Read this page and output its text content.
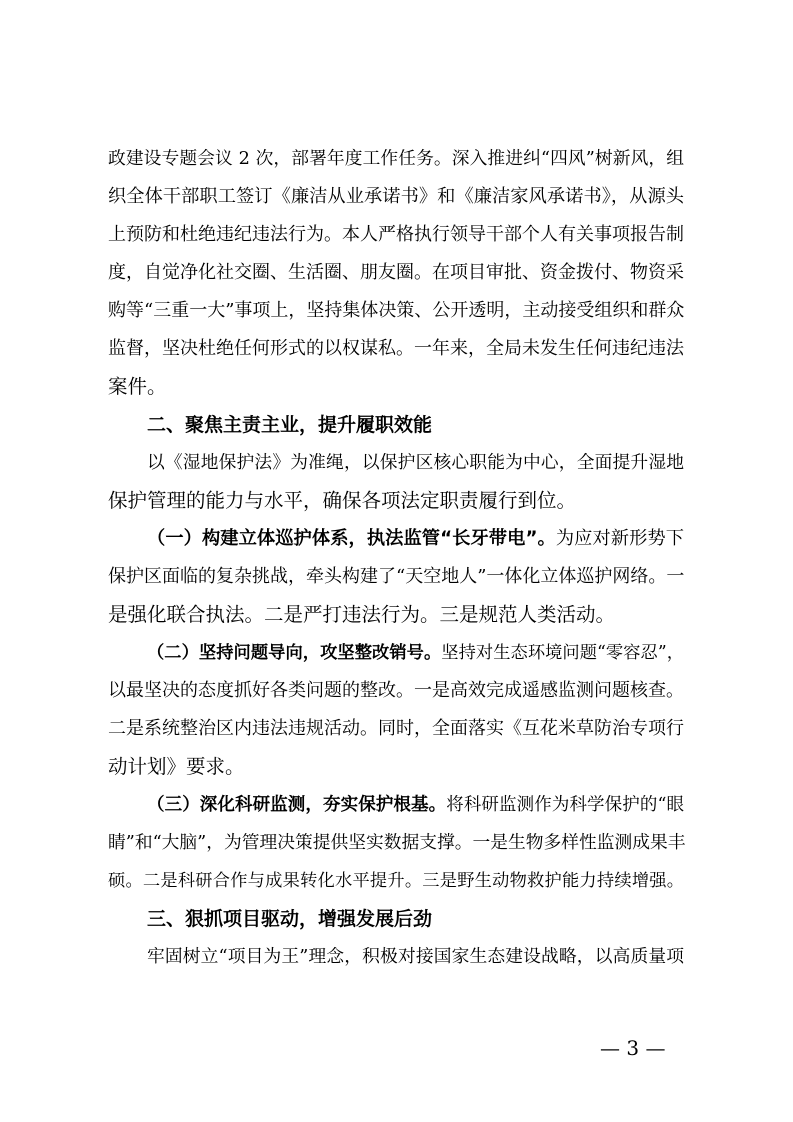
政建设专题会议 2 次，部署年度工作任务。深入推进纠“四风”树新风，组
织全体干部职工签订《廉洁从业承诺书》和《廉洁家风承诺书》，从源头
上预防和杜绝违纪违法行为。本人严格执行领导干部个人有关事项报告制
度，自觉净化社交圈、生活圈、朋友圈。在项目审批、资金拨付、物资采
购等“三重一大”事项上，坚持集体决策、公开透明，主动接受组织和群众
监督，坚决杜绝任何形式的以权谋私。一年来，全局未发生任何违纪违法
案件。
二、聚焦主责主业，提升履职效能
以《湿地保护法》为准绳，以保护区核心职能为中心，全面提升湿地
保护管理的能力与水平，确保各项法定职责履行到位。
（一）构建立体巡护体系，执法监管“长牙带电”。为应对新形势下
保护区面临的复杂挑战，牵头构建了“天空地人”一体化立体巡护网络。一
是强化联合执法。二是严打违法行为。三是规范人类活动。
（二）坚持问题导向，攻坚整改销号。坚持对生态环境问题“零容忍”，
以最坚决的态度抓好各类问题的整改。一是高效完成遥感监测问题核查。
二是系统整治区内违法违规活动。同时，全面落实《互花米草防治专项行
动计划》要求。
（三）深化科研监测，夯实保护根基。将科研监测作为科学保护的“眼
睛”和“大脑”，为管理决策提供坚实数据支撑。一是生物多样性监测成果丰
硕。二是科研合作与成果转化水平提升。三是野生动物救护能力持续增强。
三、狠抓项目驱动，增强发展后劲
牢固树立“项目为王”理念，积极对接国家生态建设战略，以高质量项
— 3 —
